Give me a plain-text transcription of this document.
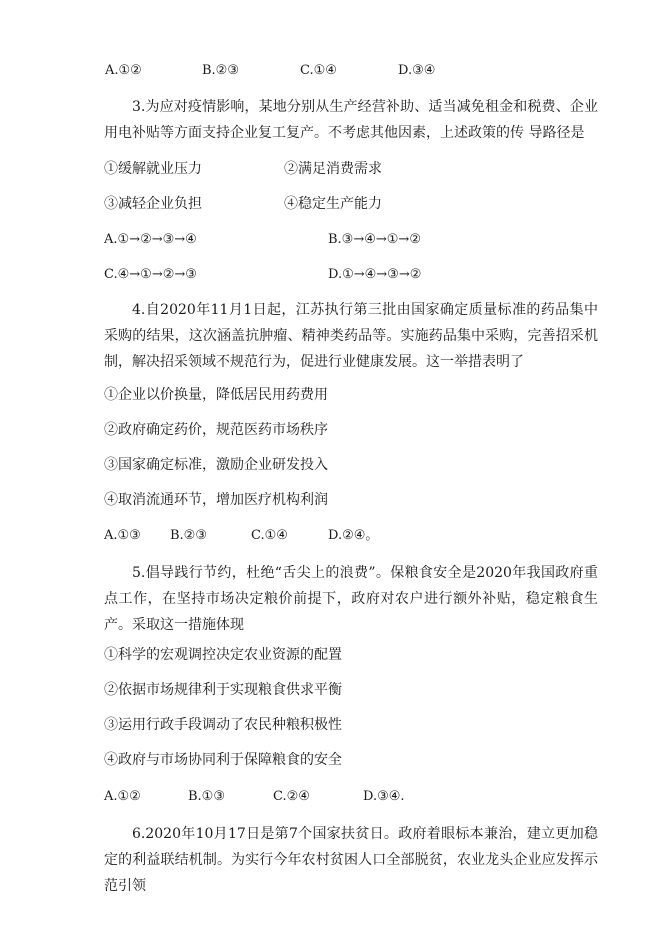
A.①②	B.②③	C.①④	D.③④
3.为应对疫情影响，某地分别从生产经营补助、适当减免租金和税费、企业用电补贴等方面支持企业复工复产。不考虑其他因素，上述政策的传 导路径是
①缓解就业压力	②满足消费需求
③减轻企业负担	④稳定生产能力
A.①→②→③→④	B.③→④→①→②
C.④→①→②→③	D.①→④→③→②
4.自2020年11月1日起，江苏执行第三批由国家确定质量标准的药品集中采购的结果，这次涵盖抗肿瘤、精神类药品等。实施药品集中采购，完善招采机制，解决招采领域不规范行为，促进行业健康发展。这一举措表明了
①企业以价换量，降低居民用药费用
②政府确定药价，规范医药市场秩序
③国家确定标准，激励企业研发投入
④取消流通环节，增加医疗机构利润
A.①③ B.②③	C.①④	D.②④。
5.倡导践行节约，杜绝“舌尖上的浪费”。保粮食安全是2020年我国政府重点工作，在坚持市场决定粮价前提下，政府对农户进行额外补贴，稳定粮食生产。采取这一措施体现
①科学的宏观调控决定农业资源的配置
②依据市场规律利于实现粮食供求平衡
③运用行政手段调动了农民种粮积极性
④政府与市场协同利于保障粮食的安全
A.①②	B.①③	C.②④	D.③④.
6.2020年10月17日是第7个国家扶贫日。政府着眼标本兼治，建立更加稳定的利益联结机制。为实行今年农村贫困人口全部脱贫，农业龙头企业应发挥示范引领
